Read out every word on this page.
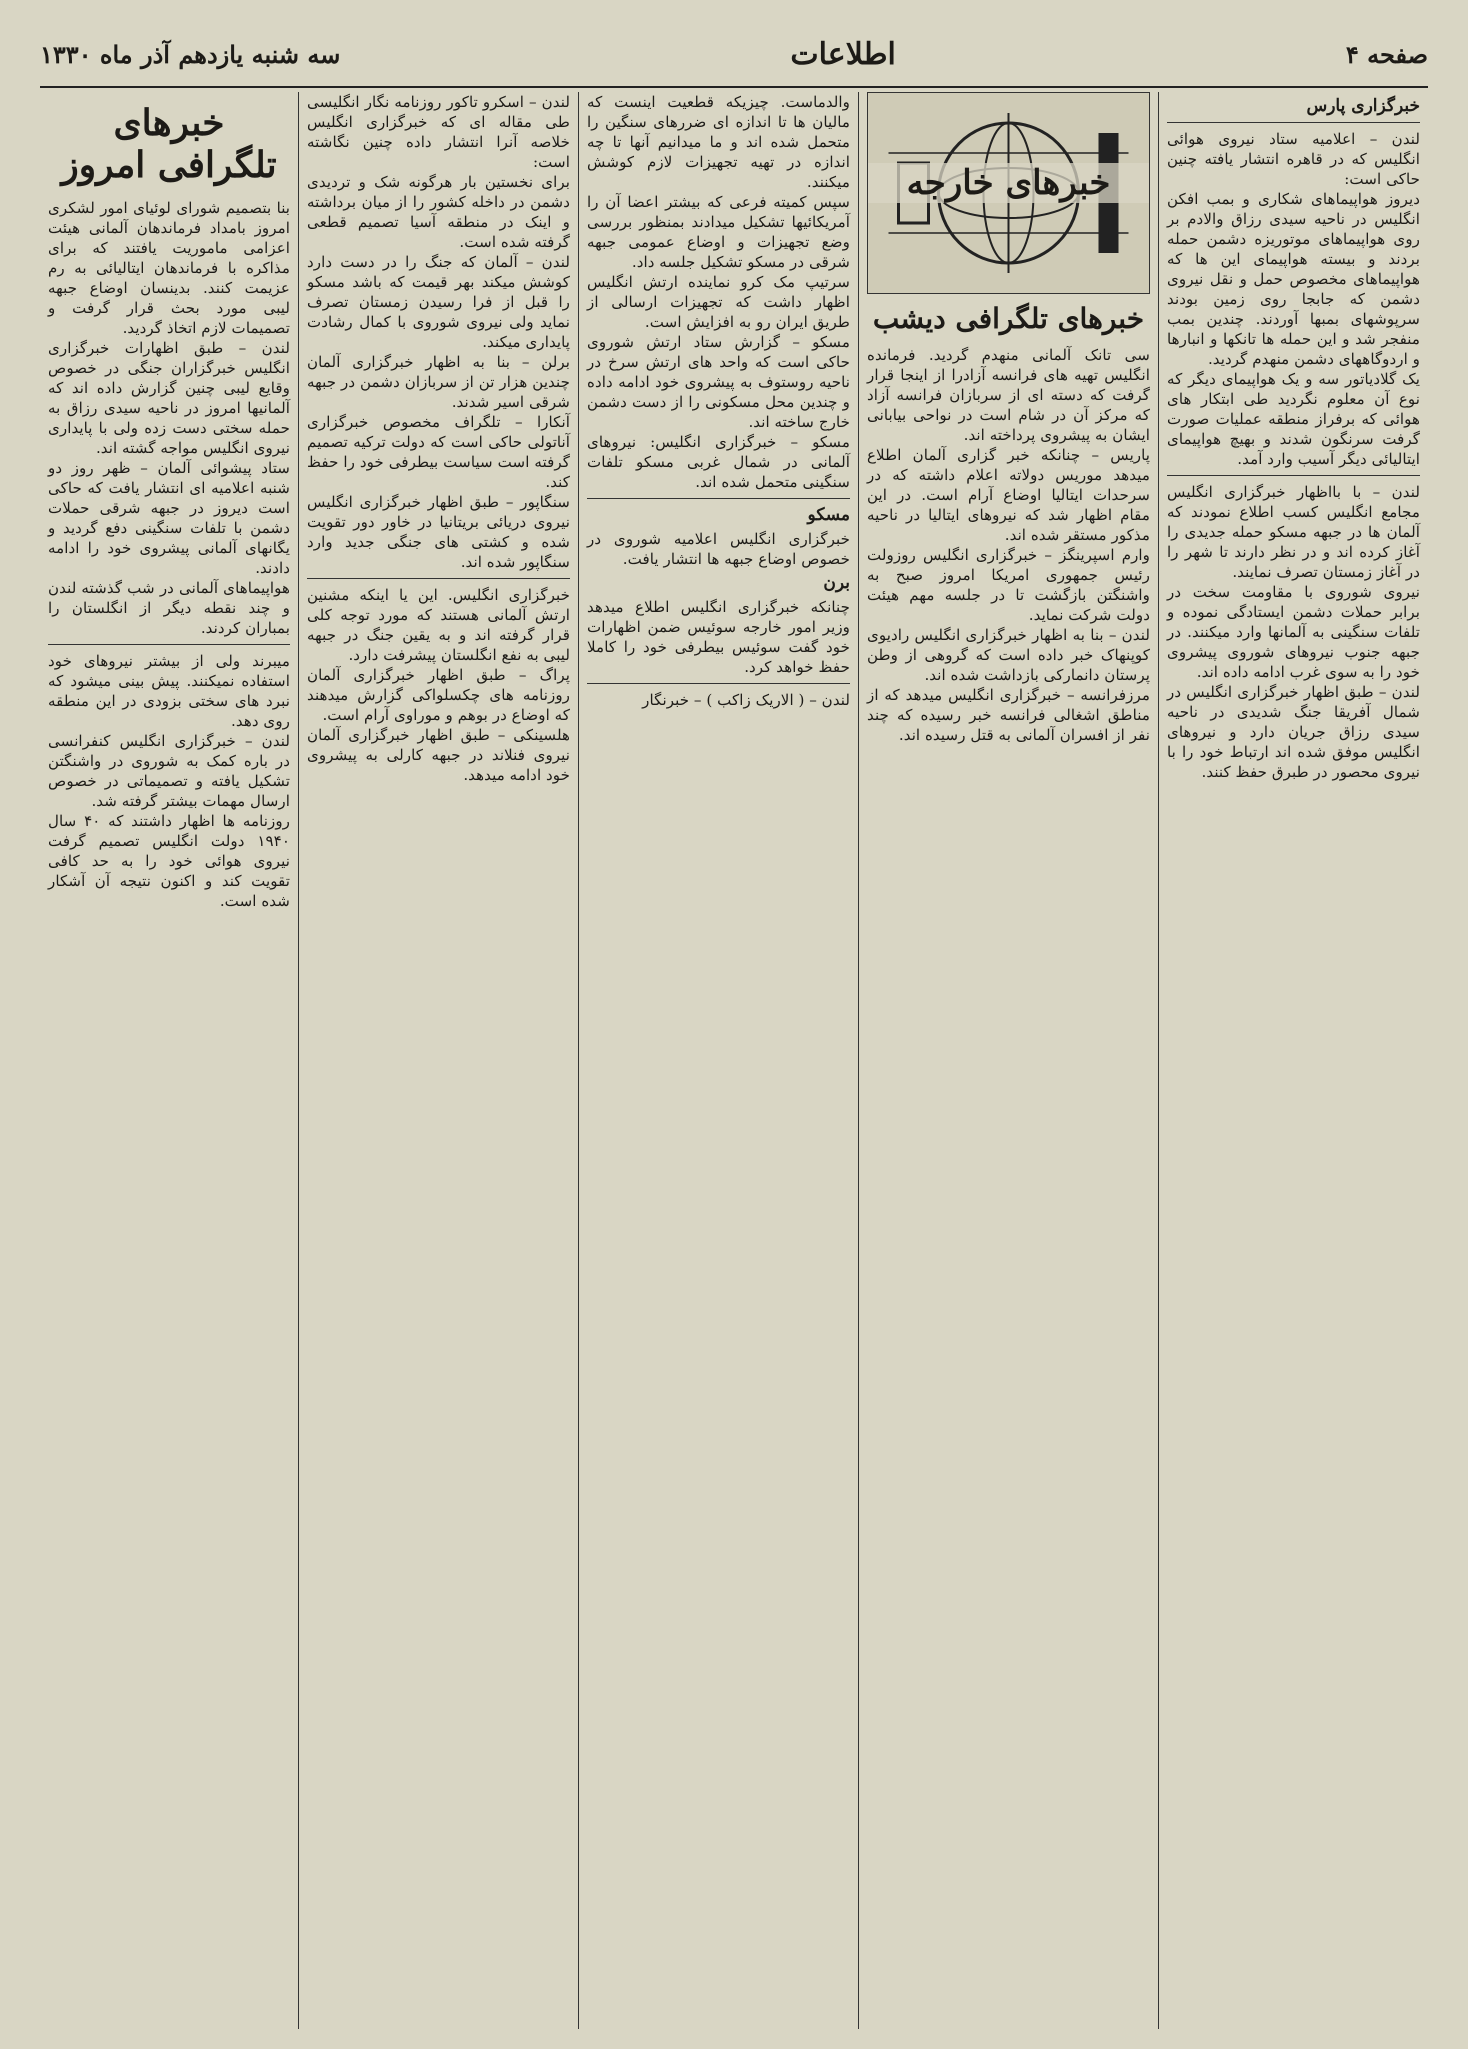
صفحه ۴
اطلاعات
سه شنبه یازدهم آذر ماه ۱۳۳۰
خبرگزاری پارس
لندن – اعلامیه ستاد نیروی هوائی انگلیس که در قاهره انتشار یافته چنین حاکی است:
دیروز هواپیماهای شکاری و بمب افکن انگلیس در ناحیه سیدی رزاق والادم بر روی هواپیماهای موتوریزه دشمن حمله بردند و بیسته هواپیمای این ها که هواپیماهای مخصوص حمل و نقل نیروی دشمن که جابجا روی زمین بودند سرپوشهای بمبها آوردند. چندین بمب منفجر شد و این حمله ها تانکها و انبارها و اردوگاههای دشمن منهدم گردید.
یک گلادیاتور سه و یک هواپیمای دیگر که نوع آن معلوم نگردید طی ابتکار های هوائی که برفراز منطقه عملیات صورت گرفت سرنگون شدند و بهیچ هواپیمای ایتالیائی دیگر آسیب وارد آمد.
لندن – با بااظهار خبرگزاری انگلیس مجامع انگلیس کسب اطلاع نمودند که آلمان ها در جبهه مسکو حمله جدیدی را آغاز کرده اند و در نظر دارند تا شهر را در آغاز زمستان تصرف نمایند.
نیروی شوروی با مقاومت سخت در برابر حملات دشمن ایستادگی نموده و تلفات سنگینی به آلمانها وارد میکنند. در جبهه جنوب نیروهای شوروی پیشروی خود را به سوی غرب ادامه داده اند.
لندن – طبق اظهار خبرگزاری انگلیس در شمال آفریقا جنگ شدیدی در ناحیه سیدی رزاق جریان دارد و نیروهای انگلیس موفق شده اند ارتباط خود را با نیروی محصور در طبرق حفظ کنند.
خبرهای خارجه
خبرهای تلگرافی دیشب
سی تانک آلمانی منهدم گردید. فرمانده انگلیس تهیه های فرانسه آزادرا از اینجا قرار گرفت که دسته ای از سربازان فرانسه آزاد که مرکز آن در شام است در نواحی بیابانی ایشان به پیشروی پرداخته اند.
پاریس – چنانکه خبر گزاری آلمان اطلاع میدهد موریس دولاته اعلام داشته که در سرحدات ایتالیا اوضاع آرام است. در این مقام اظهار شد که نیروهای ایتالیا در ناحیه مذکور مستقر شده اند.
وارم اسپرینگز – خبرگزاری انگلیس روزولت رئیس جمهوری امریکا امروز صبح به واشنگتن بازگشت تا در جلسه مهم هیئت دولت شرکت نماید.
لندن – بنا به اظهار خبرگزاری انگلیس رادیوی کوپنهاک خبر داده است که گروهی از وطن پرستان دانمارکی بازداشت شده اند.
مرزفرانسه – خبرگزاری انگلیس میدهد که از مناطق اشغالی فرانسه خبر رسیده که چند نفر از افسران آلمانی به قتل رسیده اند.
والدماست. چیزیکه قطعیت اینست که مالیان ها تا اندازه ای ضررهای سنگین را متحمل شده اند و ما میدانیم آنها تا چه اندازه در تهیه تجهیزات لازم کوشش میکنند.
سپس کمیته فرعی که بیشتر اعضا آن را آمریکائیها تشکیل میدادند بمنظور بررسی وضع تجهیزات و اوضاع عمومی جبهه شرقی در مسکو تشکیل جلسه داد.
سرتیپ مک کرو نماینده ارتش انگلیس اظهار داشت که تجهیزات ارسالی از طریق ایران رو به افزایش است.
مسکو – گزارش ستاد ارتش شوروی حاکی است که واحد های ارتش سرخ در ناحیه روستوف به پیشروی خود ادامه داده و چندین محل مسکونی را از دست دشمن خارج ساخته اند.
مسکو – خبرگزاری انگلیس: نیروهای آلمانی در شمال غربی مسکو تلفات سنگینی متحمل شده اند.
مسکو
خبرگزاری انگلیس اعلامیه شوروی در خصوص اوضاع جبهه ها انتشار یافت.
برن
چنانکه خبرگزاری انگلیس اطلاع میدهد وزیر امور خارجه سوئیس ضمن اظهارات خود گفت سوئیس بیطرفی خود را کاملا حفظ خواهد کرد.
لندن – ( الاریک زاکب ) – خبرنگار
لندن – اسکرو تاکور روزنامه نگار انگلیسی طی مقاله ای که خبرگزاری انگلیس خلاصه آنرا انتشار داده چنین نگاشته است:
برای نخستین بار هرگونه شک و تردیدی دشمن در داخله کشور را از میان برداشته و اینک در منطقه آسیا تصمیم قطعی گرفته شده است.
لندن – آلمان که جنگ را در دست دارد کوشش میکند بهر قیمت که باشد مسکو را قبل از فرا رسیدن زمستان تصرف نماید ولی نیروی شوروی با کمال رشادت پایداری میکند.
برلن – بنا به اظهار خبرگزاری آلمان چندین هزار تن از سربازان دشمن در جبهه شرقی اسیر شدند.
آنکارا – تلگراف مخصوص خبرگزاری آناتولی حاکی است که دولت ترکیه تصمیم گرفته است سیاست بیطرفی خود را حفظ کند.
سنگاپور – طبق اظهار خبرگزاری انگلیس نیروی دریائی بریتانیا در خاور دور تقویت شده و کشتی های جنگی جدید وارد سنگاپور شده اند.
خبرگزاری انگلیس. این یا اینکه مشنین ارتش آلمانی هستند که مورد توجه کلی قرار گرفته اند و به یقین جنگ در جبهه لیبی به نفع انگلستان پیشرفت دارد.
پراگ – طبق اظهار خبرگزاری آلمان روزنامه های چکسلواکی گزارش میدهند که اوضاع در بوهم و موراوی آرام است.
هلسینکی – طبق اظهار خبرگزاری آلمان نیروی فنلاند در جبهه کارلی به پیشروی خود ادامه میدهد.
خبرهای تلگرافی امروز
بنا بتصمیم شورای لوئیای امور لشکری امروز بامداد فرماندهان آلمانی هیئت اعزامی ماموریت یافتند که برای مذاکره با فرماندهان ایتالیائی به رم عزیمت کنند. بدینسان اوضاع جبهه لیبی مورد بحث قرار گرفت و تصمیمات لازم اتخاذ گردید.
لندن – طبق اظهارات خبرگزاری انگلیس خبرگزاران جنگی در خصوص وقایع لیبی چنین گزارش داده اند که آلمانیها امروز در ناحیه سیدی رزاق به حمله سختی دست زده ولی با پایداری نیروی انگلیس مواجه گشته اند.
ستاد پیشوائی آلمان – ظهر روز دو شنبه اعلامیه ای انتشار یافت که حاکی است دیروز در جبهه شرقی حملات دشمن با تلفات سنگینی دفع گردید و یگانهای آلمانی پیشروی خود را ادامه دادند.
هواپیماهای آلمانی در شب گذشته لندن و چند نقطه دیگر از انگلستان را بمباران کردند.
میبرند ولی از بیشتر نیروهای خود استفاده نمیکنند. پیش بینی میشود که نبرد های سختی بزودی در این منطقه روی دهد.
لندن – خبرگزاری انگلیس کنفرانسی در باره کمک به شوروی در واشنگتن تشکیل یافته و تصمیماتی در خصوص ارسال مهمات بیشتر گرفته شد.
روزنامه ها اظهار داشتند که ۴۰ سال ۱۹۴۰ دولت انگلیس تصمیم گرفت نیروی هوائی خود را به حد کافی تقویت کند و اکنون نتیجه آن آشکار شده است.
